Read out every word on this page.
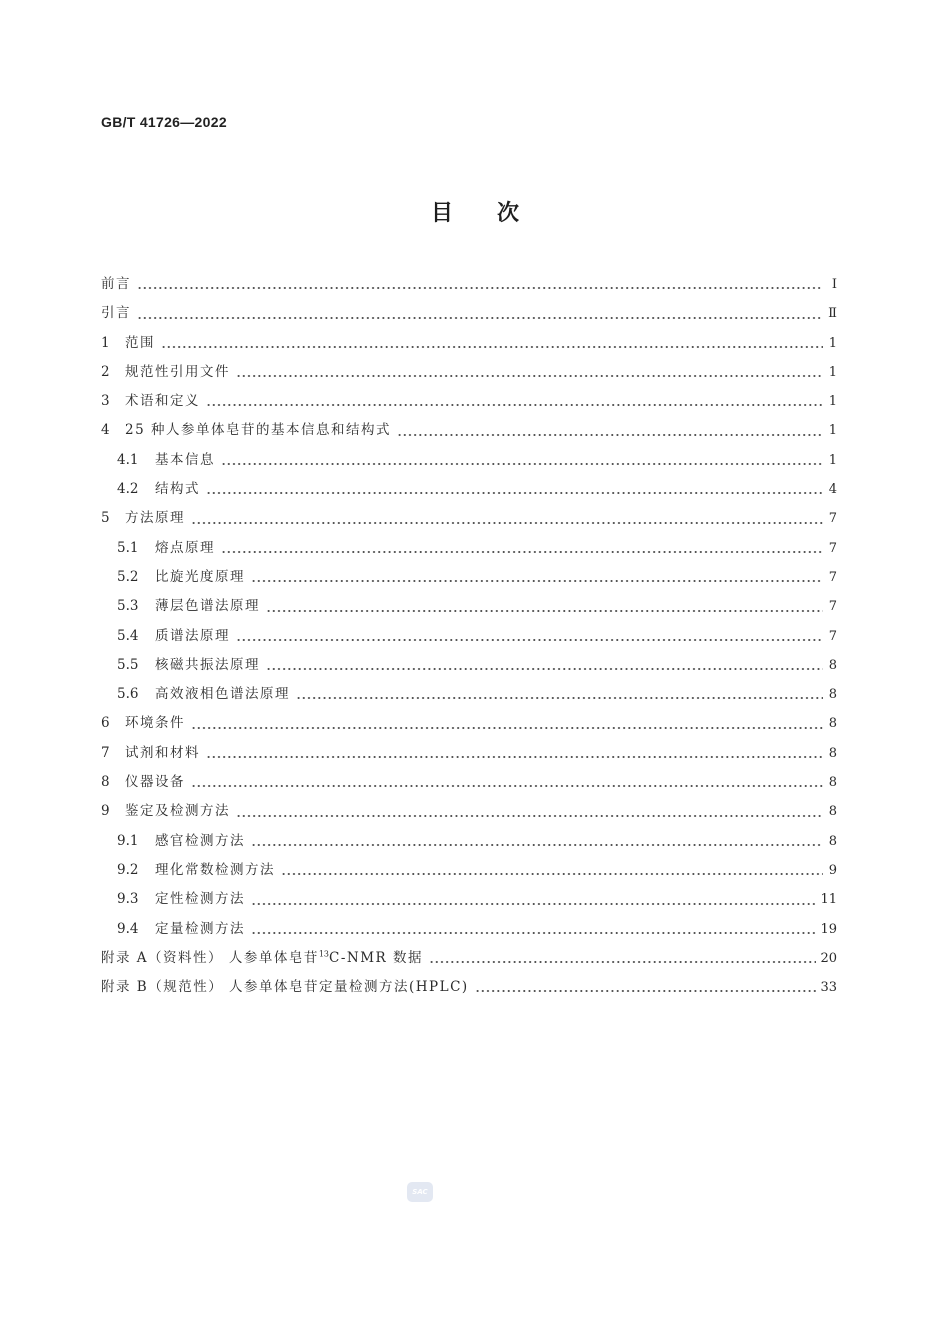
GB/T 41726—2022
目次
前言	Ⅰ
引言	Ⅱ
1	范围	1
2	规范性引用文件	1
3	术语和定义	1
4	25 种人参单体皂苷的基本信息和结构式	1
4.1	基本信息	1
4.2	结构式	4
5	方法原理	7
5.1	熔点原理	7
5.2	比旋光度原理	7
5.3	薄层色谱法原理	7
5.4	质谱法原理	7
5.5	核磁共振法原理	8
5.6	高效液相色谱法原理	8
6	环境条件	8
7	试剂和材料	8
8	仪器设备	8
9	鉴定及检测方法	8
9.1	感官检测方法	8
9.2	理化常数检测方法	9
9.3	定性检测方法	11
9.4	定量检测方法	19
附录 A（资料性） 人参单体皂苷$^{13}$C-NMR 数据	20
附录 B（规范性） 人参单体皂苷定量检测方法(HPLC)	33
SAC
